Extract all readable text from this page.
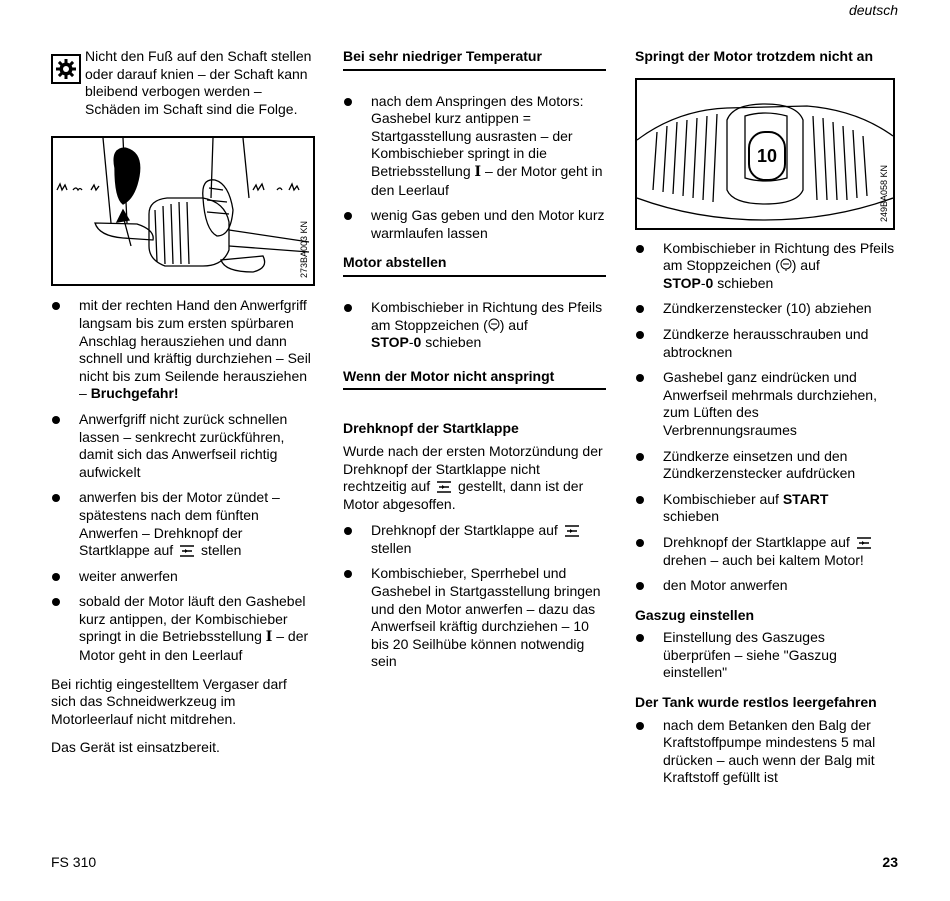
deutsch

Nicht den Fuß auf den Schaft stellen oder darauf knien – der Schaft kann bleibend verbogen werden – Schäden im Schaft sind die Folge.

273BA003 KN
mit der rechten Hand den Anwerfgriff langsam bis zum ersten spürbaren Anschlag herausziehen und dann schnell und kräftig durchziehen – Seil nicht bis zum Seilende herausziehen – Bruchgefahr!
Anwerfgriff nicht zurück schnellen lassen – senkrecht zurückführen, damit sich das Anwerfseil richtig aufwickelt
anwerfen bis der Motor zündet – spätestens nach dem fünften Anwerfen – Drehknopf der Startklappe auf stellen
weiter anwerfen
sobald der Motor läuft den Gashebel kurz antippen, der Kombischieber springt in die Betriebsstellung I – der Motor geht in den Leerlauf

Bei richtig eingestelltem Vergaser darf sich das Schneidwerkzeug im Motorleerlauf nicht mitdrehen.

Das Gerät ist einsatzbereit.

Bei sehr niedriger Temperatur
nach dem Anspringen des Motors: Gashebel kurz antippen = Startgasstellung ausrasten – der Kombischieber springt in die Betriebsstellung I – der Motor geht in den Leerlauf
wenig Gas geben und den Motor kurz warmlaufen lassen
Motor abstellen
Kombischieber in Richtung des Pfeils am Stoppzeichen ( ) auf
STOP-0 schieben
Wenn der Motor nicht anspringt
Drehknopf der Startklappe

Wurde nach der ersten Motorzündung der Drehknopf der Startklappe nicht rechtzeitig auf gestellt, dann ist der Motor abgesoffen.

Drehknopf der Startklappe auf
stellen
Kombischieber, Sperrhebel und Gashebel in Startgasstellung bringen und den Motor anwerfen – dazu das Anwerfseil kräftig durchziehen – 10 bis 20 Seilhübe können notwendig sein
Springt der Motor trotzdem nicht an
10
249BA058 KN
Kombischieber in Richtung des Pfeils am Stoppzeichen ( ) auf
STOP-0 schieben
Zündkerzenstecker (10) abziehen
Zündkerze herausschrauben und abtrocknen
Gashebel ganz eindrücken und Anwerfseil mehrmals durchziehen, zum Lüften des Verbrennungsraumes
Zündkerze einsetzen und den Zündkerzenstecker aufdrücken
Kombischieber auf START
schieben
Drehknopf der Startklappe auf
drehen – auch bei kaltem Motor!
den Motor anwerfen
Gaszug einstellen
Einstellung des Gaszuges überprüfen – siehe "Gaszug einstellen"
Der Tank wurde restlos leergefahren
nach dem Betanken den Balg der Kraftstoffpumpe mindestens 5 mal drücken – auch wenn der Balg mit Kraftstoff gefüllt ist
FS 310	23
